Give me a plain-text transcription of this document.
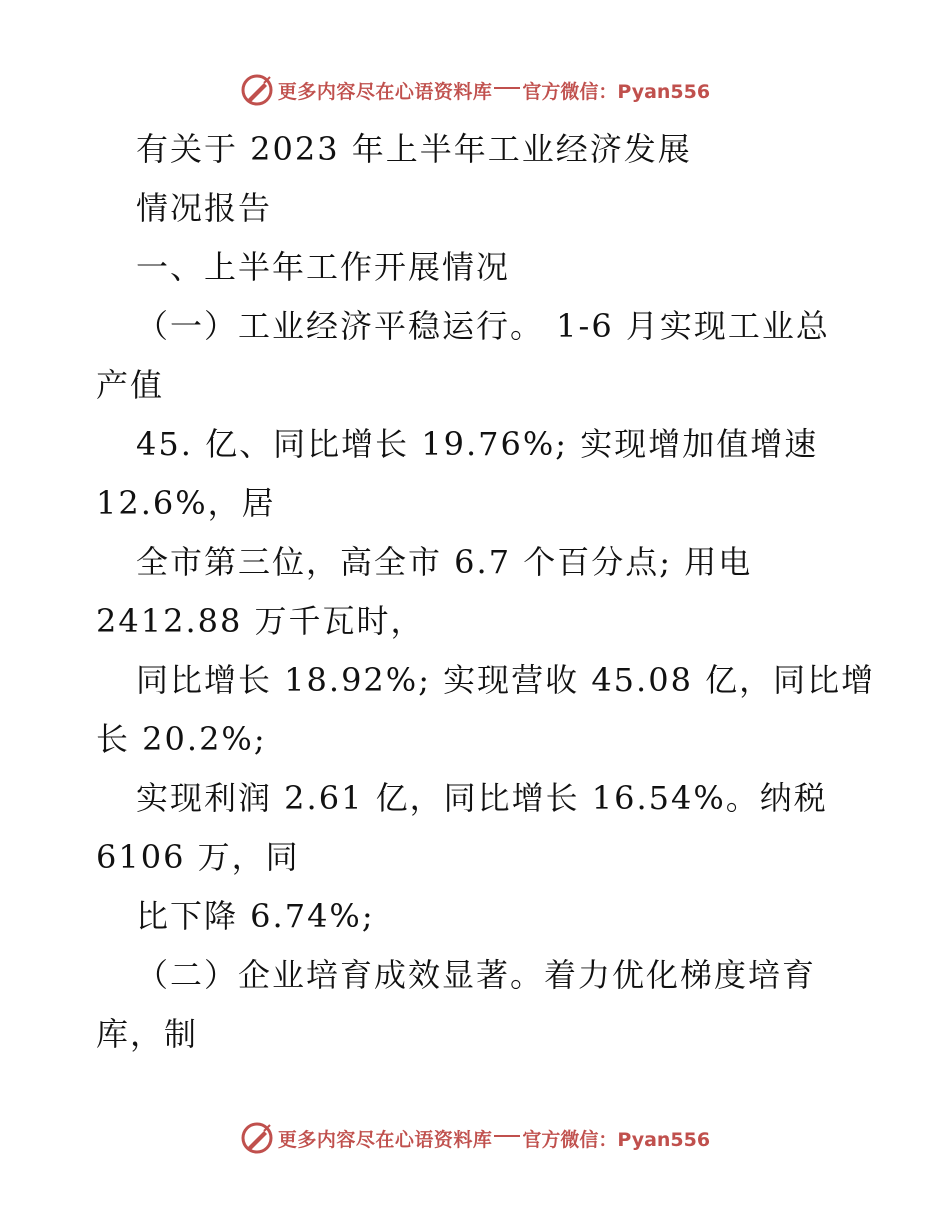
更多内容尽在心语资料库 官方微信：Pyan556
有关于 2023 年上半年工业经济发展
情况报告
一、上半年工作开展情况
（一）工业经济平稳运行。 1-6 月实现工业总
产值
45. 亿、同比增长 19.76%; 实现增加值增速
12.6%，居
全市第三位，高全市 6.7 个百分点; 用电
2412.88 万千瓦时，
同比增长 18.92%; 实现营收 45.08 亿，同比增
长 20.2%;
实现利润 2.61 亿，同比增长 16.54%。纳税
6106 万，同
比下降 6.74%;
（二）企业培育成效显著。着力优化梯度培育
库，制
更多内容尽在心语资料库 官方微信：Pyan556
